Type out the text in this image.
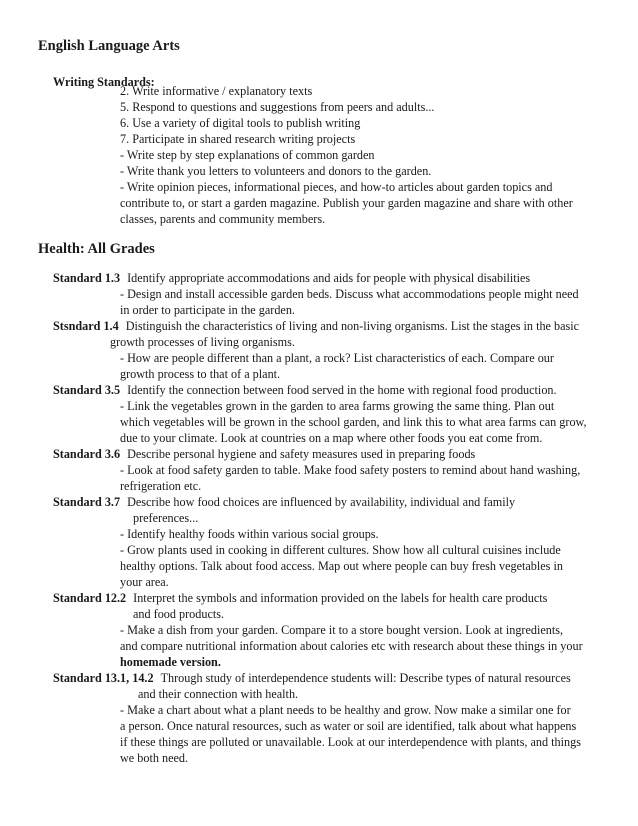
English Language Arts
Writing Standards:
2. Write informative / explanatory texts
5. Respond to questions and suggestions from peers and adults...
6. Use a variety of digital tools to publish writing
7. Participate in shared research writing projects
- Write step by step explanations of common garden
- Write thank you letters to volunteers and donors to the garden.
- Write opinion pieces, informational pieces, and how-to articles about garden topics and
contribute to, or start a garden magazine. Publish your garden magazine and share with other
classes, parents and community members.
Health: All Grades
Standard 1.3 Identify appropriate accommodations and aids for people with physical disabilities
- Design and install accessible garden beds. Discuss what accommodations people might need
in order to participate in the garden.
Stsndard 1.4 Distinguish the characteristics of living and non-living organisms. List the stages in the basic
growth processes of living organisms.
- How are people different than a plant, a rock? List characteristics of each. Compare our
growth process to that of a plant.
Standard 3.5 Identify the connection between food served in the home with regional food production.
- Link the vegetables grown in the garden to area farms growing the same thing. Plan out
which vegetables will be grown in the school garden, and link this to what area farms can grow,
due to your climate. Look at countries on a map where other foods you eat come from.
Standard 3.6 Describe personal hygiene and safety measures used in preparing foods
- Look at food safety garden to table. Make food safety posters to remind about hand washing,
refrigeration etc.
Standard 3.7 Describe how food choices are influenced by availability, individual and family
preferences...
- Identify healthy foods within various social groups.
- Grow plants used in cooking in different cultures. Show how all cultural cuisines include
healthy options. Talk about food access. Map out where people can buy fresh vegetables in
your area.
Standard 12.2 Interpret the symbols and information provided on the labels for health care products
and food products.
- Make a dish from your garden. Compare it to a store bought version. Look at ingredients,
and compare nutritional information about calories etc with research about these things in your
homemade version.
Standard 13.1, 14.2 Through study of interdependence students will: Describe types of natural resources
and their connection with health.
- Make a chart about what a plant needs to be healthy and grow. Now make a similar one for
a person. Once natural resources, such as water or soil are identified, talk about what happens
if these things are polluted or unavailable. Look at our interdependence with plants, and things
we both need.
